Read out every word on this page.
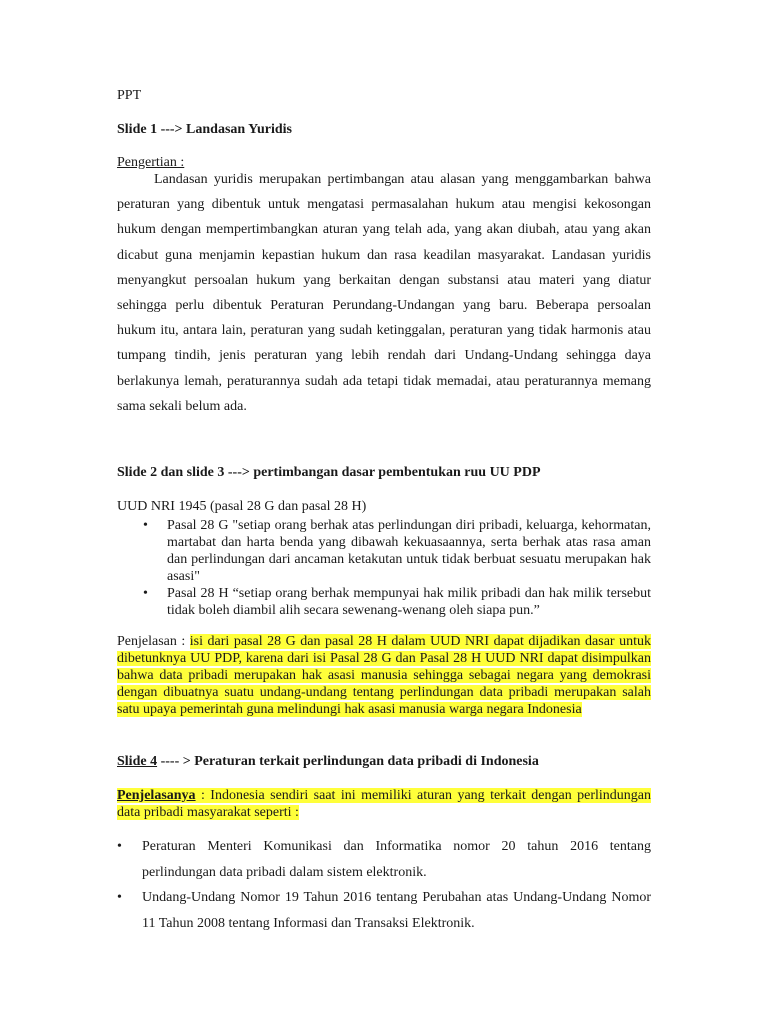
PPT
Slide 1 ---> Landasan Yuridis
Pengertian :

Landasan yuridis merupakan pertimbangan atau alasan yang menggambarkan bahwa peraturan yang dibentuk untuk mengatasi permasalahan hukum atau mengisi kekosongan hukum dengan mempertimbangkan aturan yang telah ada, yang akan diubah, atau yang akan dicabut guna menjamin kepastian hukum dan rasa keadilan masyarakat. Landasan yuridis menyangkut persoalan hukum yang berkaitan dengan substansi atau materi yang diatur sehingga perlu dibentuk Peraturan Perundang-Undangan yang baru. Beberapa persoalan hukum itu, antara lain, peraturan yang sudah ketinggalan, peraturan yang tidak harmonis atau tumpang tindih, jenis peraturan yang lebih rendah dari Undang-Undang sehingga daya berlakunya lemah, peraturannya sudah ada tetapi tidak memadai, atau peraturannya memang sama sekali belum ada.

Slide 2 dan slide 3 ---> pertimbangan dasar pembentukan ruu UU PDP
UUD NRI 1945 (pasal 28 G dan pasal 28 H)
• Pasal 28 G "setiap orang berhak atas perlindungan diri pribadi, keluarga, kehormatan, martabat dan harta benda yang dibawah kekuasaannya, serta berhak atas rasa aman dan perlindungan dari ancaman ketakutan untuk tidak berbuat sesuatu merupakan hak asasi"
• Pasal 28 H “setiap orang berhak mempunyai hak milik pribadi dan hak milik tersebut tidak boleh diambil alih secara sewenang-wenang oleh siapa pun.”

Penjelasan : isi dari pasal 28 G dan pasal 28 H dalam UUD NRI dapat dijadikan dasar untuk dibetunknya UU PDP, karena dari isi Pasal 28 G dan Pasal 28 H UUD NRI dapat disimpulkan bahwa data pribadi merupakan hak asasi manusia sehingga sebagai negara yang demokrasi dengan dibuatnya suatu undang-undang tentang perlindungan data pribadi merupakan salah satu upaya pemerintah guna melindungi hak asasi manusia warga negara Indonesia

Slide 4 ---- > Peraturan terkait perlindungan data pribadi di Indonesia

Penjelasanya : Indonesia sendiri saat ini memiliki aturan yang terkait dengan perlindungan data pribadi masyarakat seperti :

• Peraturan Menteri Komunikasi dan Informatika nomor 20 tahun 2016 tentang perlindungan data pribadi dalam sistem elektronik.
• Undang-Undang Nomor 19 Tahun 2016 tentang Perubahan atas Undang-Undang Nomor 11 Tahun 2008 tentang Informasi dan Transaksi Elektronik.
